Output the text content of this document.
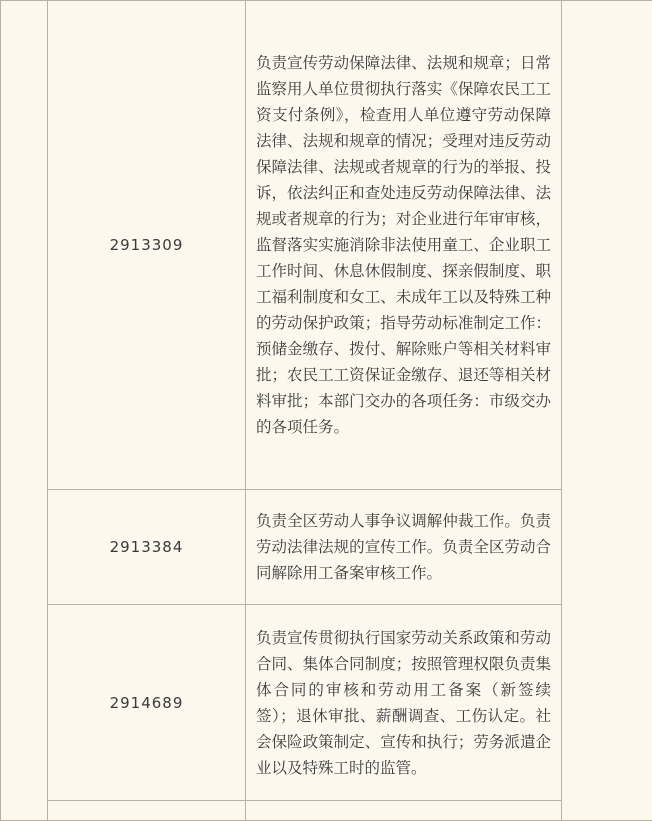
	2913309	负责宣传劳动保障法律、法规和规章；日常监察用人单位贯彻执行落实《保障农民工工资支付条例》，检查用人单位遵守劳动保障法律、法规和规章的情况；受理对违反劳动保障法律、法规或者规章的行为的举报、投诉，依法纠正和查处违反劳动保障法律、法规或者规章的行为；对企业进行年审审核，监督落实实施消除非法使用童工、企业职工工作时间、休息休假制度、探亲假制度、职工福利制度和女工、未成年工以及特殊工种的劳动保护政策；指导劳动标准制定工作：预储金缴存、拨付、解除账户等相关材料审批；农民工工资保证金缴存、退还等相关材料审批；本部门交办的各项任务：市级交办的各项任务。	
	2913384	负责全区劳动人事争议调解仲裁工作。负责劳动法律法规的宣传工作。负责全区劳动合同解除用工备案审核工作。	
	2914689	负责宣传贯彻执行国家劳动关系政策和劳动合同、集体合同制度；按照管理权限负责集体合同的审核和劳动用工备案（新签续签）；退休审批、薪酬调查、工伤认定。社会保险政策制定、宣传和执行；劳务派遣企业以及特殊工时的监管。	
